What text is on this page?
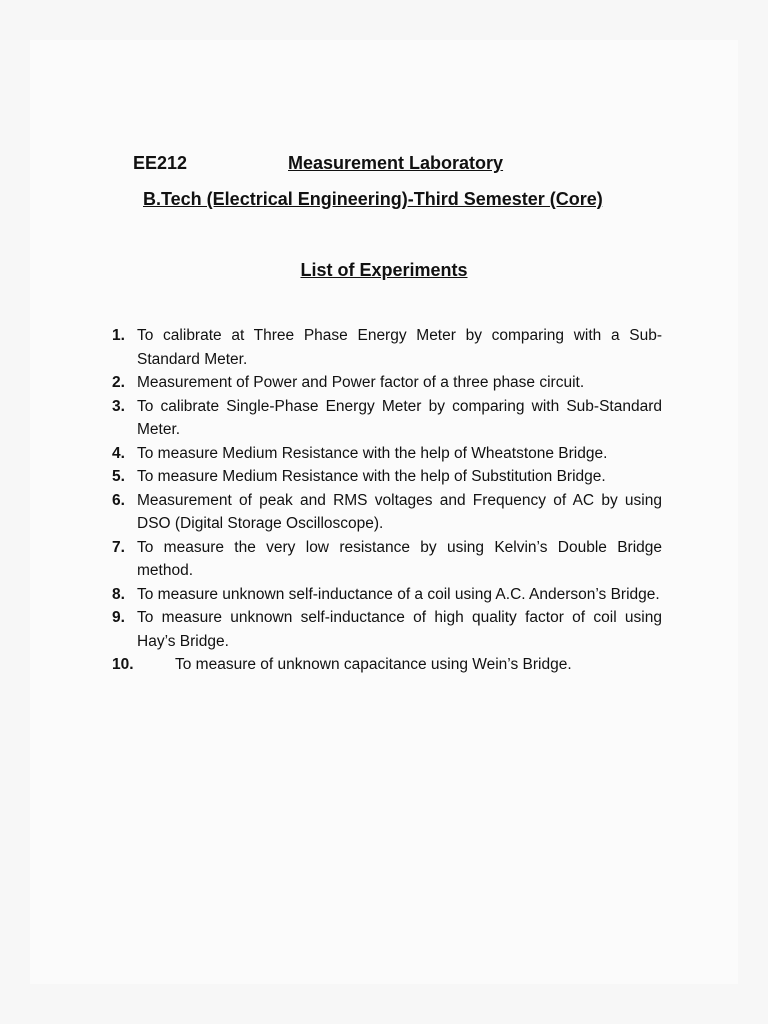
EE212	Measurement Laboratory
B.Tech (Electrical Engineering)-Third Semester (Core)
List of Experiments
1. To calibrate at Three Phase Energy Meter by comparing with a Sub-Standard Meter.
2. Measurement of Power and Power factor of a three phase circuit.
3. To calibrate Single-Phase Energy Meter by comparing with Sub-Standard Meter.
4. To measure Medium Resistance with the help of Wheatstone Bridge.
5. To measure Medium Resistance with the help of Substitution Bridge.
6. Measurement of peak and RMS voltages and Frequency of AC by using DSO (Digital Storage Oscilloscope).
7. To measure the very low resistance by using Kelvin’s Double Bridge method.
8. To measure unknown self-inductance of a coil using A.C. Anderson’s Bridge.
9. To measure unknown self-inductance of high quality factor of coil using Hay’s Bridge.
10.	To measure of unknown capacitance using Wein’s Bridge.
